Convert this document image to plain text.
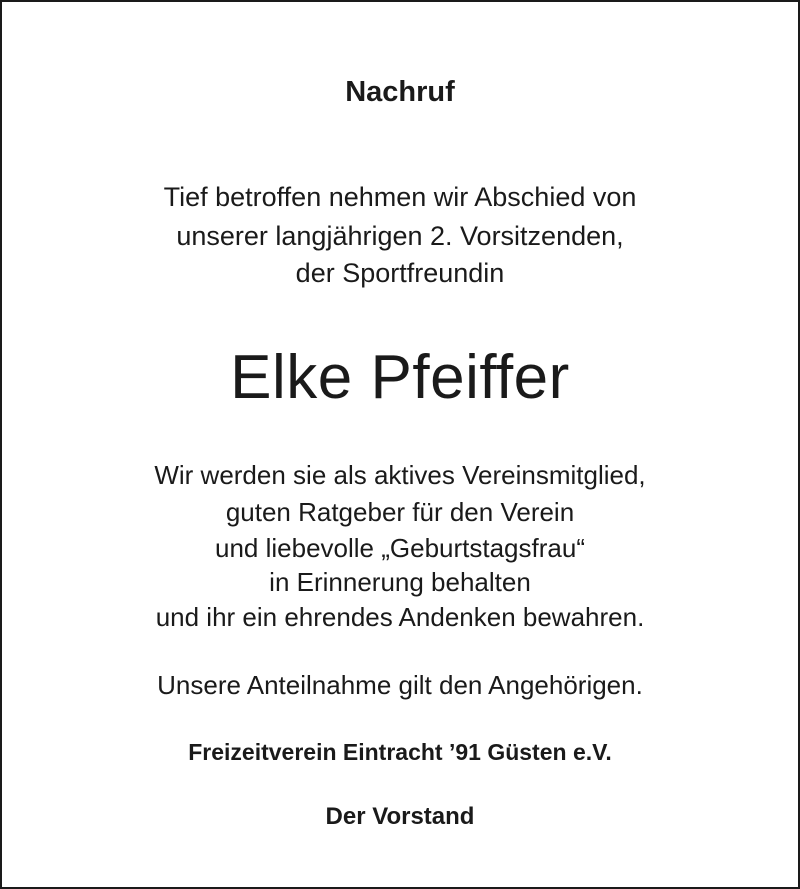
Nachruf
Tief betroffen nehmen wir Abschied von
unserer langjährigen 2. Vorsitzenden,
der Sportfreundin
Elke Pfeiffer
Wir werden sie als aktives Vereinsmitglied,
guten Ratgeber für den Verein
und liebevolle „Geburtstagsfrau“
in Erinnerung behalten
und ihr ein ehrendes Andenken bewahren.
Unsere Anteilnahme gilt den Angehörigen.
Freizeitverein Eintracht ’91 Güsten e.V.
Der Vorstand
